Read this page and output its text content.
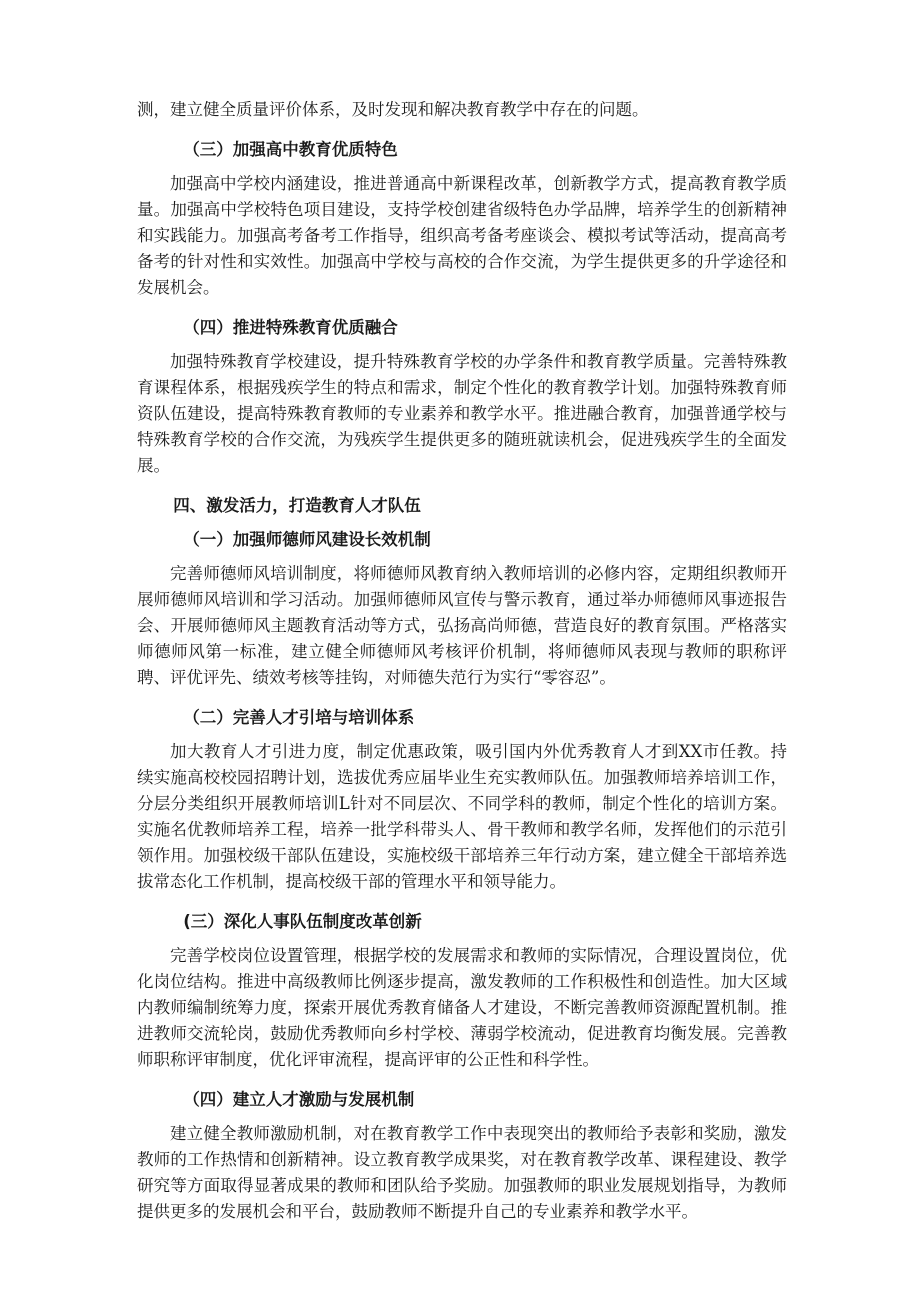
测，建立健全质量评价体系，及时发现和解决教育教学中存在的问题。

（三）加强高中教育优质特色

加强高中学校内涵建设，推进普通高中新课程改革，创新教学方式，提高教育教学质量。加强高中学校特色项目建设，支持学校创建省级特色办学品牌，培养学生的创新精神和实践能力。加强高考备考工作指导，组织高考备考座谈会、模拟考试等活动，提高高考备考的针对性和实效性。加强高中学校与高校的合作交流，为学生提供更多的升学途径和发展机会。

（四）推进特殊教育优质融合

加强特殊教育学校建设，提升特殊教育学校的办学条件和教育教学质量。完善特殊教育课程体系，根据残疾学生的特点和需求，制定个性化的教育教学计划。加强特殊教育师资队伍建设，提高特殊教育教师的专业素养和教学水平。推进融合教育，加强普通学校与特殊教育学校的合作交流，为残疾学生提供更多的随班就读机会，促进残疾学生的全面发展。

四、激发活力，打造教育人才队伍
（一）加强师德师风建设长效机制

完善师德师风培训制度，将师德师风教育纳入教师培训的必修内容，定期组织教师开展师德师风培训和学习活动。加强师德师风宣传与警示教育，通过举办师德师风事迹报告会、开展师德师风主题教育活动等方式，弘扬高尚师德，营造良好的教育氛围。严格落实师德师风第一标准，建立健全师德师风考核评价机制，将师德师风表现与教师的职称评聘、评优评先、绩效考核等挂钩，对师德失范行为实行“零容忍”。

（二）完善人才引培与培训体系

加大教育人才引进力度，制定优惠政策，吸引国内外优秀教育人才到XX市任教。持续实施高校校园招聘计划，选拔优秀应届毕业生充实教师队伍。加强教师培养培训工作，分层分类组织开展教师培训L针对不同层次、不同学科的教师，制定个性化的培训方案。实施名优教师培养工程，培养一批学科带头人、骨干教师和教学名师，发挥他们的示范引领作用。加强校级干部队伍建设，实施校级干部培养三年行动方案，建立健全干部培养选拔常态化工作机制，提高校级干部的管理水平和领导能力。

(三）深化人事队伍制度改革创新

完善学校岗位设置管理，根据学校的发展需求和教师的实际情况，合理设置岗位，优化岗位结构。推进中高级教师比例逐步提高，激发教师的工作积极性和创造性。加大区域内教师编制统筹力度，探索开展优秀教育储备人才建设，不断完善教师资源配置机制。推进教师交流轮岗，鼓励优秀教师向乡村学校、薄弱学校流动，促进教育均衡发展。完善教师职称评审制度，优化评审流程，提高评审的公正性和科学性。

（四）建立人才激励与发展机制

建立健全教师激励机制，对在教育教学工作中表现突出的教师给予表彰和奖励，激发教师的工作热情和创新精神。设立教育教学成果奖，对在教育教学改革、课程建设、教学研究等方面取得显著成果的教师和团队给予奖励。加强教师的职业发展规划指导，为教师提供更多的发展机会和平台，鼓励教师不断提升自己的专业素养和教学水平。
